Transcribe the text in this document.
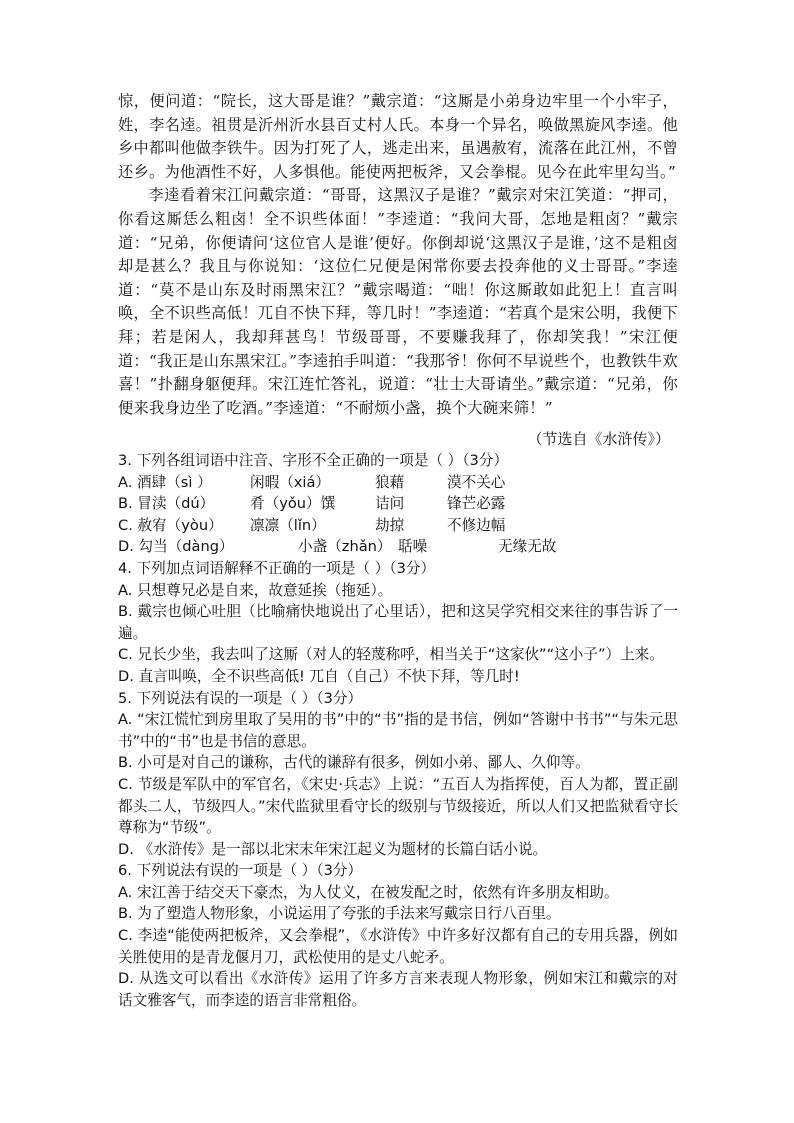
惊，便问道：“院长，这大哥是谁？”戴宗道：“这厮是小弟身边牢里一个小牢子，姓，李名逵。祖贯是沂州沂水县百丈村人氏。本身一个异名，唤做黑旋风李逵。他乡中都叫他做李铁牛。因为打死了人，逃走出来，虽遇赦宥，流落在此江州，不曾还乡。为他酒性不好，人多惧他。能使两把板斧，又会拳棍。见今在此牢里勾当。”

李逵看着宋江问戴宗道：“哥哥，这黑汉子是谁？”戴宗对宋江笑道：“押司，你看这厮恁么粗卤！全不识些体面！”李逵道：“我问大哥，怎地是粗卤？”戴宗道：“兄弟，你便请问‘这位官人是谁’便好。你倒却说‘这黑汉子是谁，’这不是粗卤却是甚么？我且与你说知：‘这位仁兄便是闲常你要去投奔他的义士哥哥。”李逵道：“莫不是山东及时雨黑宋江？”戴宗喝道：“咄！你这厮敢如此犯上！直言叫唤，全不识些高低！兀自不快下拜，等几时！”李逵道：“若真个是宋公明，我便下拜；若是闲人，我却拜甚鸟！节级哥哥，不要赚我拜了，你却笑我！”宋江便道：“我正是山东黑宋江。”李逵拍手叫道：“我那爷！你何不早说些个，也教铁牛欢喜！”扑翻身躯便拜。宋江连忙答礼，说道：“壮士大哥请坐。”戴宗道：“兄弟，你便来我身边坐了吃酒。”李逵道：“不耐烦小盏，换个大碗来筛！”

（节选自《水浒传》）

3. 下列各组词语中注音、字形不全正确的一项是（ ）（3分）

A. 酒肆（sì ）	闲暇（xiá）	狼藉	漠不关心
B. 冒渎（dú）	肴（yǒu）馔	诘问	锋芒必露
C. 赦宥（yòu）	凛凛（lǐn）	劫掠	不修边幅
D. 勾当（dàng）	小盏（zhǎn） 聒噪	无缘无故

4. 下列加点词语解释不正确的一项是（ ）（3分）

A. 只想尊兄必是自来，故意延挨（拖延）。

B. 戴宗也倾心吐胆（比喻痛快地说出了心里话），把和这吴学究相交来往的事告诉了一遍。

C. 兄长少坐，我去叫了这厮（对人的轻蔑称呼，相当关于“这家伙”“这小子”）上来。

D. 直言叫唤，全不识些高低! 兀自（自己）不快下拜，等几时!

5. 下列说法有误的一项是（ ）（3分）

A. “宋江慌忙到房里取了吴用的书”中的“书”指的是书信，例如“答谢中书书”“与朱元思书”中的“书”也是书信的意思。

B. 小可是对自己的谦称，古代的谦辞有很多，例如小弟、鄙人、久仰等。

C. 节级是军队中的军官名，《宋史·兵志》上说：“五百人为指挥使，百人为都，置正副都头二人，节级四人。”宋代监狱里看守长的级别与节级接近，所以人们又把监狱看守长尊称为“节级”。

D. 《水浒传》是一部以北宋末年宋江起义为题材的长篇白话小说。

6. 下列说法有误的一项是（ ）（3分）

A. 宋江善于结交天下豪杰，为人仗义，在被发配之时，依然有许多朋友相助。

B. 为了塑造人物形象，小说运用了夸张的手法来写戴宗日行八百里。

C. 李逵“能使两把板斧，又会拳棍”，《水浒传》中许多好汉都有自己的专用兵器，例如关胜使用的是青龙偃月刀，武松使用的是丈八蛇矛。

D. 从选文可以看出《水浒传》运用了许多方言来表现人物形象，例如宋江和戴宗的对话文雅客气，而李逵的语言非常粗俗。
